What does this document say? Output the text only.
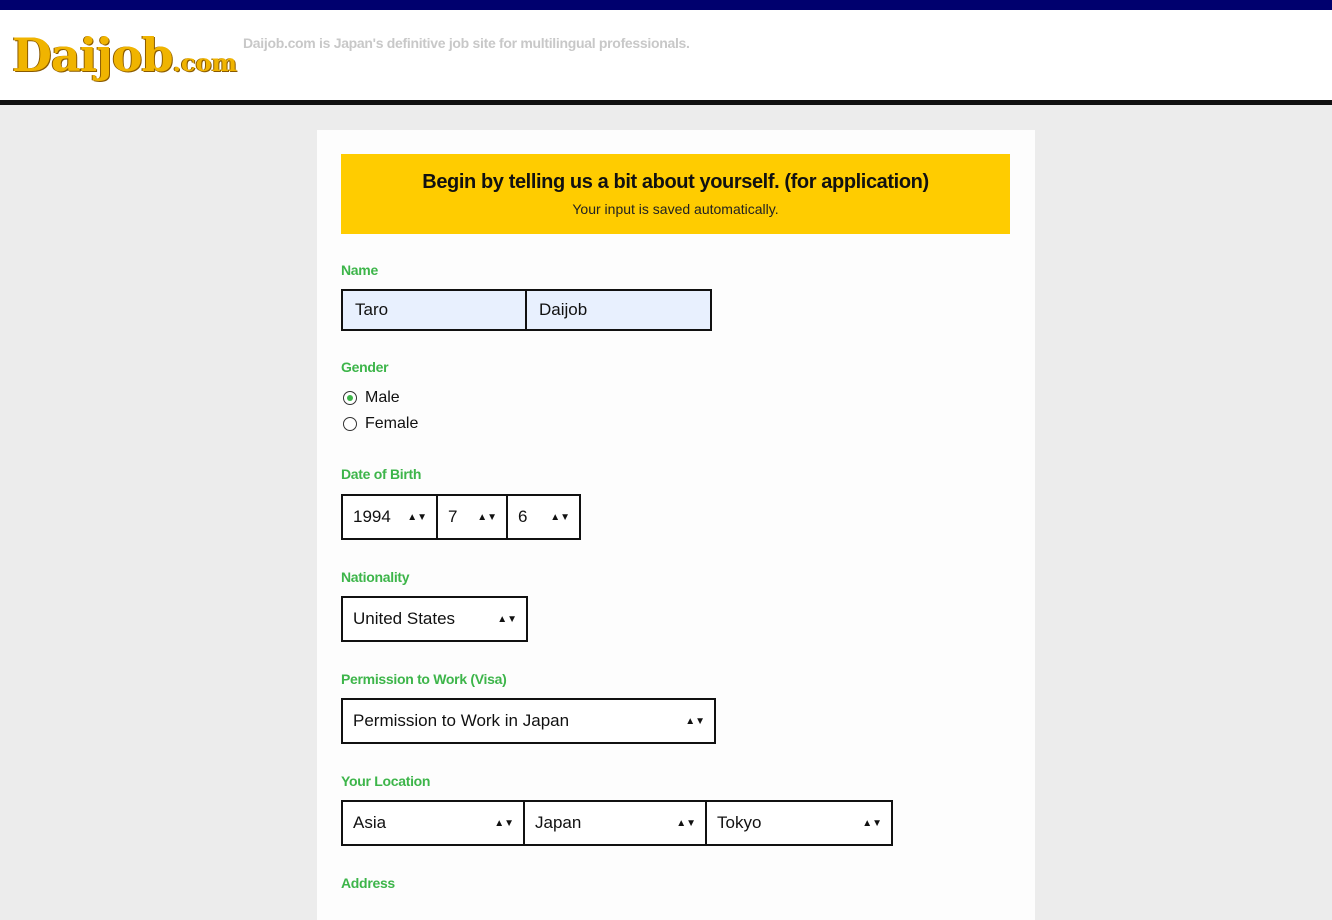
Daijob.com
Daijob.com is Japan's definitive job site for multilingual professionals.
Begin by telling us a bit about yourself. (for application)
Your input is saved automatically.
Name
Taro	Daijob
Gender
Male
Female
Date of Birth
1994 ▲▼	7 ▲▼	6 ▲▼
Nationality
United States	▲▼
Permission to Work (Visa)
Permission to Work in Japan	▲▼
Your Location
Asia	▲▼	Japan	▲▼	Tokyo	▲▼
Address
